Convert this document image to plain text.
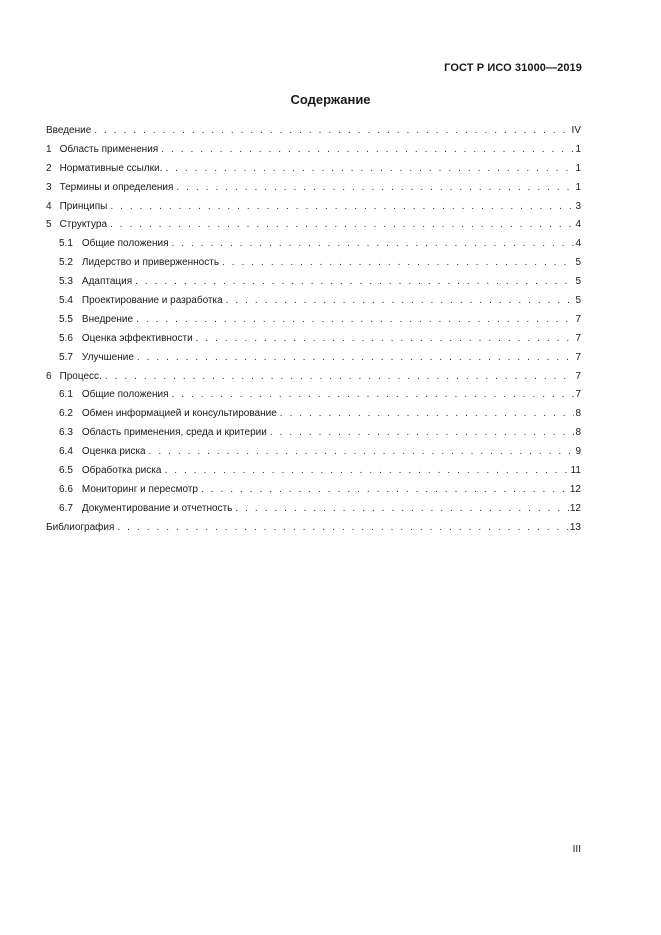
ГОСТ Р ИСО 31000—2019
Содержание
Введение . . .	IV
1 Область применения . . .	1
2 Нормативные ссылки. . . .	1
3 Термины и определения . . .	1
4 Принципы . . .	3
5 Структура . . .	4
5.1 Общие положения . . .	4
5.2 Лидерство и приверженность . . .	5
5.3 Адаптация . . .	5
5.4 Проектирование и разработка . . .	5
5.5 Внедрение . . .	7
5.6 Оценка эффективности . . .	7
5.7 Улучшение . . .	7
6 Процесс. . . .	7
6.1 Общие положения . . .	7
6.2 Обмен информацией и консультирование . . .	8
6.3 Область применения, среда и критерии . . .	8
6.4 Оценка риска . . .	9
6.5 Обработка риска . . .	11
6.6 Мониторинг и пересмотр . . .	12
6.7 Документирование и отчетность . . .	12
Библиография . . .	13
III
